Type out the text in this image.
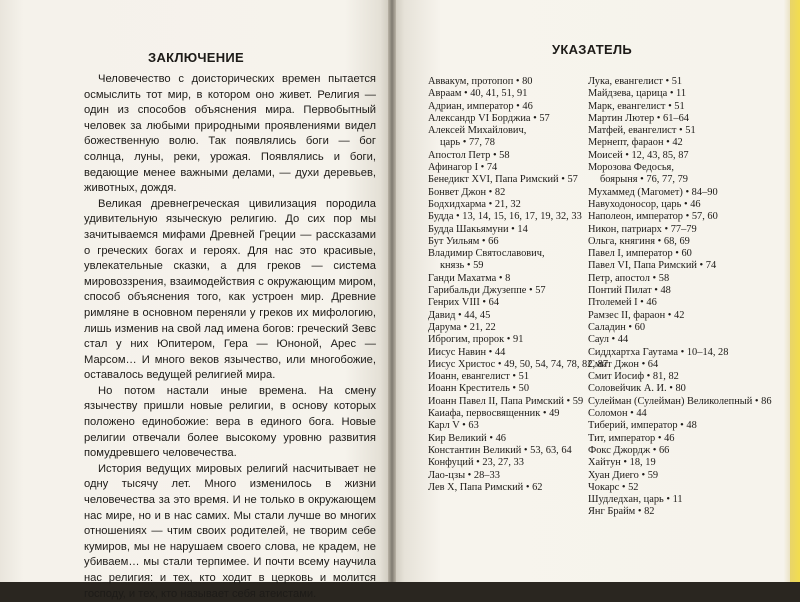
ЗАКЛЮЧЕНИЕ

Человечество с доисторических времен пытается осмыслить тот мир, в котором оно живет. Религия — один из способов объяснения мира. Первобытный человек за любыми природными проявлениями видел божественную волю. Так появлялись боги — бог солнца, луны, реки, урожая. Появлялись и боги, ведающие менее важными делами, — духи деревьев, животных, дождя.

Великая древнегреческая цивилизация породила удивительную языческую религию. До сих пор мы зачитываемся мифами Древней Греции — рассказами о греческих богах и героях. Для нас это красивые, увлекательные сказки, а для греков — система мировоззрения, взаимодействия с окружающим миром, способ объяснения того, как устроен мир. Древние римляне в основном переняли у греков их мифологию, лишь изменив на свой лад имена богов: греческий Зевс стал у них Юпитером, Гера — Юноной, Арес — Марсом… И много веков язычество, или многобожие, оставалось ведущей религией мира.

Но потом настали иные времена. На смену язычеству пришли новые религии, в основу которых положено единобожие: вера в единого бога. Новые религии отвечали более высокому уровню развития помудревшего человечества.

История ведущих мировых религий насчитывает не одну тысячу лет. Много изменилось в жизни человечества за это время. И не только в окружающем нас мире, но и в нас самих. Мы стали лучше во многих отношениях — чтим своих родителей, не творим себе кумиров, мы не нарушаем своего слова, не крадем, не убиваем… мы стали терпимее. И почти всему научила нас религия: и тех, кто ходит в церковь и молится господу, и тех, кто называет себя атеистами.

УКАЗАТЕЛЬ
Аввакум, протопоп • 80
Авраам • 40, 41, 51, 91
Адриан, император • 46
Александр VI Борджиа • 57
Алексей Михайлович,
царь • 77, 78
Апостол Петр • 58
Афинагор I • 74
Бенедикт XVI, Папа Римский • 57
Бонвет Джон • 82
Бодхидхарма • 21, 32
Будда • 13, 14, 15, 16, 17, 19, 32, 33
Будда Шакьямуни • 14
Бут Уильям • 66
Владимир Святославович,
князь • 59
Ганди Махатма • 8
Гарибальди Джузеппе • 57
Генрих VIII • 64
Давид • 44, 45
Дарума • 21, 22
Иброгим, пророк • 91
Иисус Навин • 44
Иисус Христос • 49, 50, 54, 74, 78, 82, 87
Иоанн, евангелист • 51
Иоанн Креститель • 50
Иоанн Павел II, Папа Римский • 59
Каиафа, первосвященник • 49
Карл V • 63
Кир Великий • 46
Константин Великий • 53, 63, 64
Конфуций • 23, 27, 33
Лао-цзы • 28–33
Лев X, Папа Римский • 62
Лука, евангелист • 51
Майдзева, царица • 11
Марк, евангелист • 51
Мартин Лютер • 61–64
Матфей, евангелист • 51
Мернепт, фараон • 42
Моисей • 12, 43, 85, 87
Морозова Федосья,
боярыня • 76, 77, 79
Мухаммед (Магомет) • 84–90
Навуходоносор, царь • 46
Наполеон, император • 57, 60
Никон, патриарх • 77–79
Ольга, княгиня • 68, 69
Павел I, император • 60
Павел VI, Папа Римский • 74
Петр, апостол • 58
Понтий Пилат • 48
Птолемей I • 46
Рамзес II, фараон • 42
Саладин • 60
Саул • 44
Сиддхартха Гаутама • 10–14, 28
Смит Джон • 64
Смит Иосиф • 81, 82
Соловейчик А. И. • 80
Сулейман (Сулейман) Великолепный • 86
Соломон • 44
Тиберий, император • 48
Тит, император • 46
Фокс Джордж • 66
Хайтун • 18, 19
Хуан Диего • 59
Чокарс • 52
Шудледхан, царь • 11
Янг Брайм • 82
